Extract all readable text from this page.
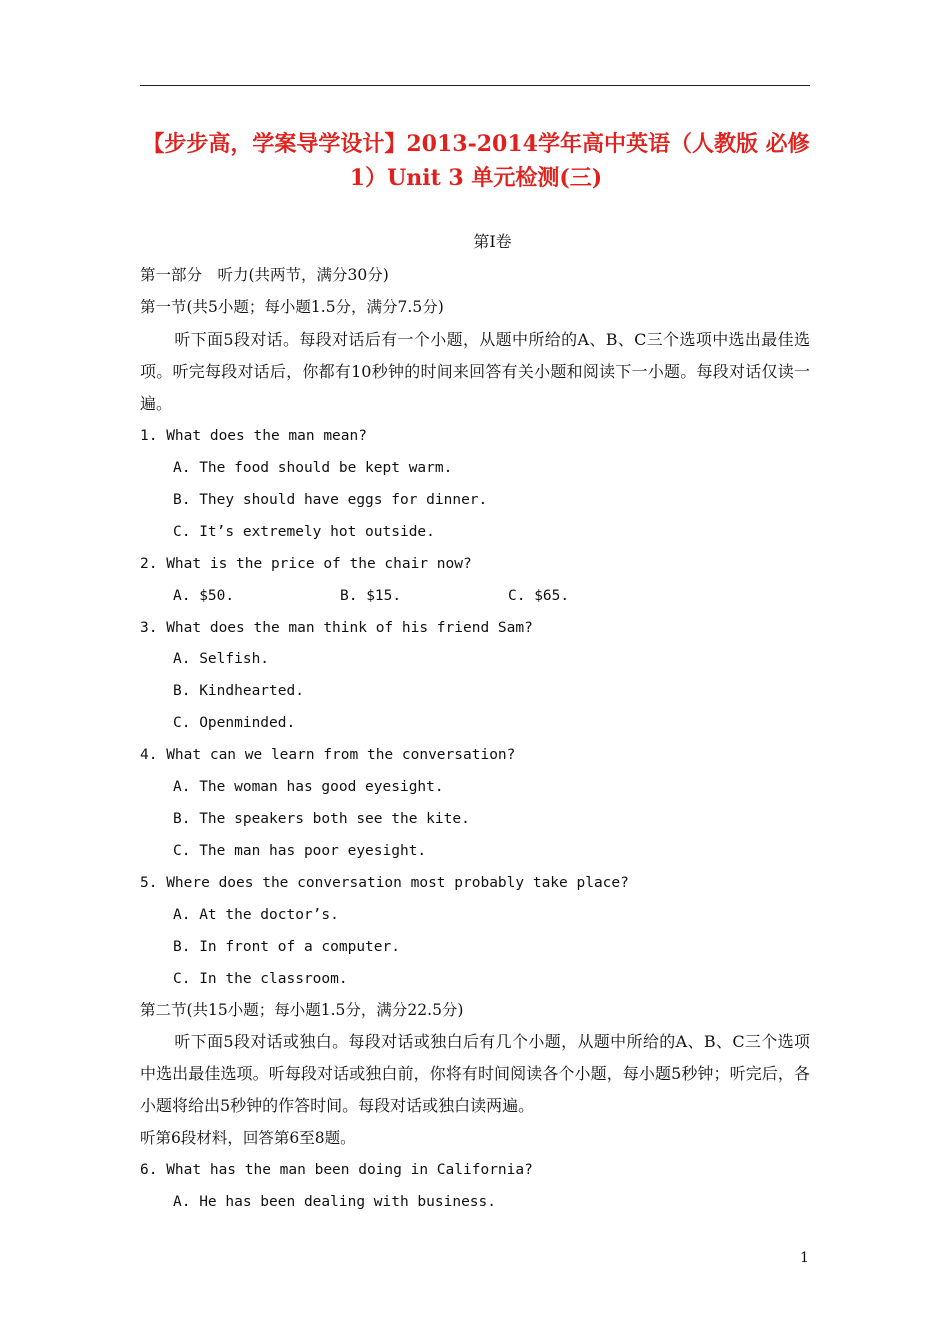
【步步高，学案导学设计】2013-2014学年高中英语（人教版 必修
1）Unit 3 单元检测(三)
第Ⅰ卷
第一部分　听力(共两节，满分30分)
第一节(共5小题；每小题1.5分，满分7.5分)
听下面5段对话。每段对话后有一个小题，从题中所给的A、B、C三个选项中选出最佳选项。听完每段对话后，你都有10秒钟的时间来回答有关小题和阅读下一小题。每段对话仅读一遍。
1. What does the man mean?
A. The food should be kept warm.
B. They should have eggs for dinner.
C. It’s extremely hot outside.
2. What is the price of the chair now?
A. $50.	B. $15.	C. $65.
3. What does the man think of his friend Sam?
A. Selfish.
B. Kindhearted.
C. Openminded.
4. What can we learn from the conversation?
A. The woman has good eyesight.
B. The speakers both see the kite.
C. The man has poor eyesight.
5. Where does the conversation most probably take place?
A. At the doctor’s.
B. In front of a computer.
C. In the classroom.
第二节(共15小题；每小题1.5分，满分22.5分)
听下面5段对话或独白。每段对话或独白后有几个小题，从题中所给的A、B、C三个选项中选出最佳选项。听每段对话或独白前，你将有时间阅读各个小题，每小题5秒钟；听完后，各小题将给出5秒钟的作答时间。每段对话或独白读两遍。
听第6段材料，回答第6至8题。
6. What has the man been doing in California?
A. He has been dealing with business.
1
